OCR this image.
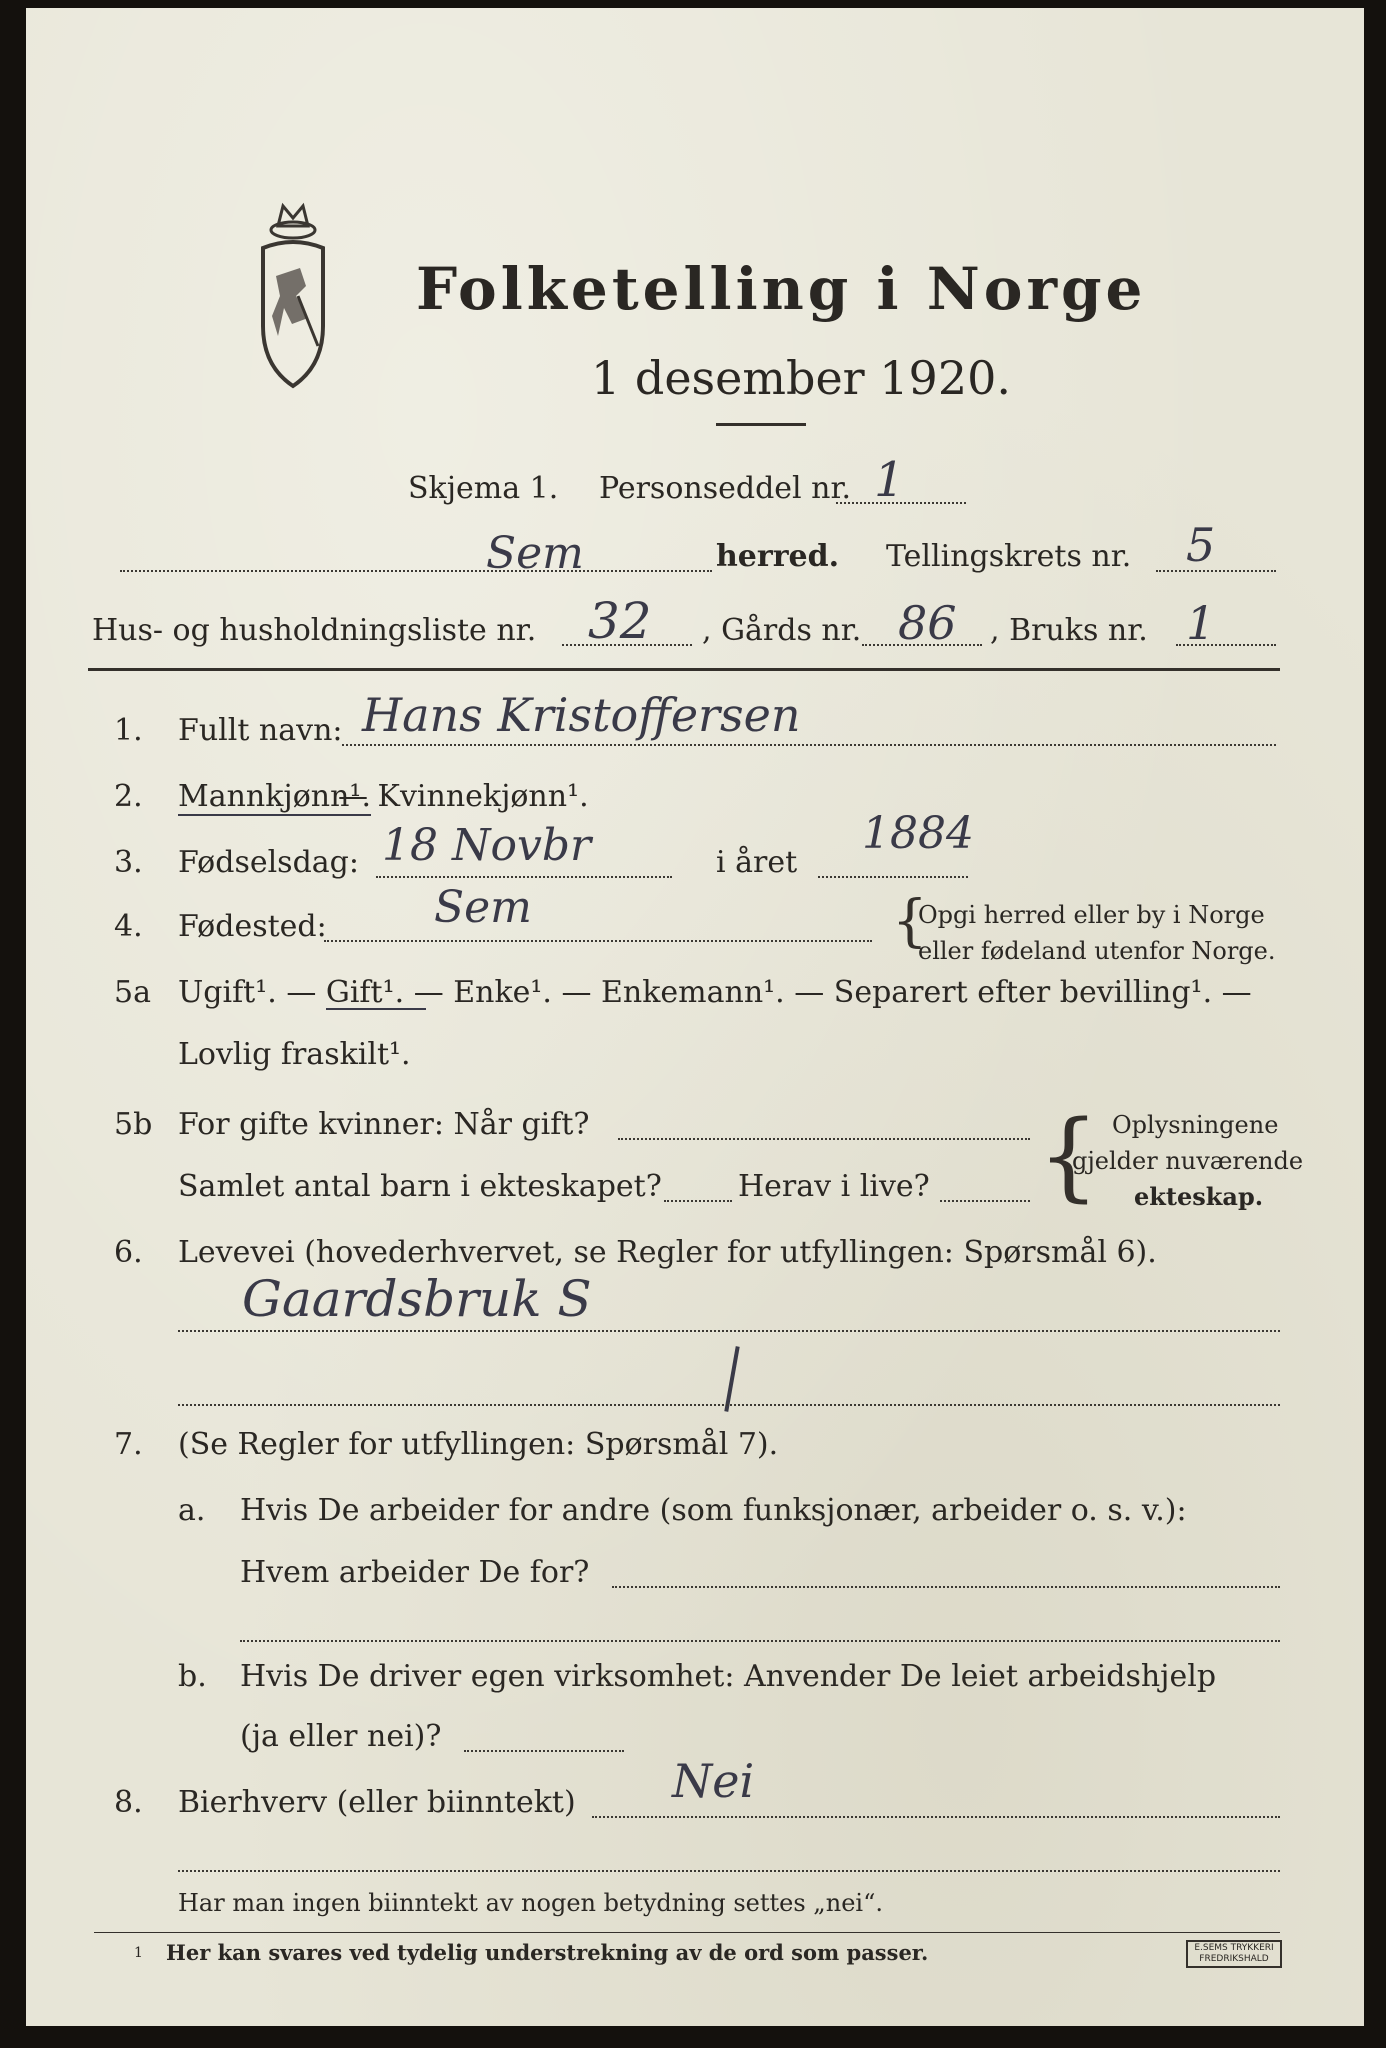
Folketelling i Norge
1 desember 1920.
Skjema 1. Personseddel nr. 1
Sem	herred. Tellingskrets nr. 5
Hus- og husholdningsliste nr. 32 , Gårds nr. 86 , Bruks nr. 1
1. Fullt navn: Hans Kristoffersen
2. Mannkjønn¹.
— Kvinnekjønn¹.
3. Fødselsdag: 18 Novbr	i året
1884
4. Fødested: Sem	{
Opgi herred eller by i Norge
eller fødeland utenfor Norge.
5a Ugift¹. — Gift¹. — Enke¹. — Enkemann¹. — Separert efter bevilling¹. —
Lovlig fraskilt¹.
5b For gifte kvinner: Når gift?
Samlet antal barn i ekteskapet?	Herav i live? { Oplysningene
gjelder nuværende
ekteskap.
6. Levevei (hovederhvervet, se Regler for utfyllingen: Spørsmål 6).
Gaardsbruk S
7. (Se Regler for utfyllingen: Spørsmål 7).
a. Hvis De arbeider for andre (som funksjonær, arbeider o. s. v.):
Hvem arbeider De for?
b. Hvis De driver egen virksomhet: Anvender De leiet arbeidshjelp
(ja eller nei)?
8. Bierhverv (eller biinntekt) Nei
Har man ingen biinntekt av nogen betydning settes „nei“.
1 Her kan svares ved tydelig understrekning av de ord som passer.	E.SEMS TRYKKERI
FREDRIKSHALD
